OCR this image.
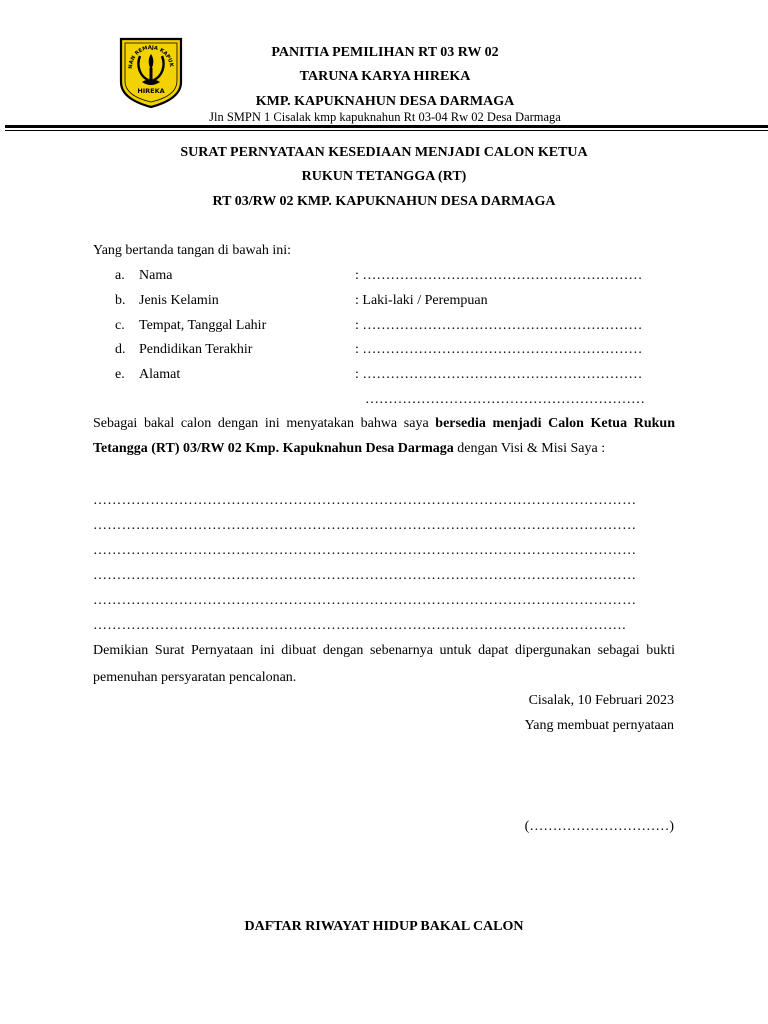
NAN REMAJA KAPUK
HIREKA
PANITIA PEMILIHAN RT 03 RW 02
TARUNA KARYA HIREKA
KMP. KAPUKNAHUN DESA DARMAGA
Jln SMPN 1 Cisalak kmp kapuknahun Rt 03-04 Rw 02 Desa Darmaga
SURAT PERNYATAAN KESEDIAAN MENJADI CALON KETUA
RUKUN TETANGGA (RT)
RT 03/RW 02 KMP. KAPUKNAHUN DESA DARMAGA
Yang bertanda tangan di bawah ini:
a. Nama	: ……………………………………………………
b. Jenis Kelamin	: Laki-laki / Perempuan
c. Tempat, Tanggal Lahir	: ……………………………………………………
d. Pendidikan Terakhir	: ……………………………………………………
e. Alamat	: ……………………………………………………
……………………………………………………
Sebagai bakal calon dengan ini menyatakan bahwa saya bersedia menjadi Calon Ketua Rukun Tetangga (RT) 03/RW 02 Kmp. Kapuknahun Desa Darmaga dengan Visi & Misi Saya :
……………………………………………………………………………………………………
……………………………………………………………………………………………………
……………………………………………………………………………………………………
……………………………………………………………………………………………………
……………………………………………………………………………………………………
………………………………………………………………………………………………….
Demikian Surat Pernyataan ini dibuat dengan sebenarnya untuk dapat dipergunakan sebagai bukti pemenuhan persyaratan pencalonan.
Cisalak, 10 Februari 2023
Yang membuat pernyataan
(…………………………)
DAFTAR RIWAYAT HIDUP BAKAL CALON
